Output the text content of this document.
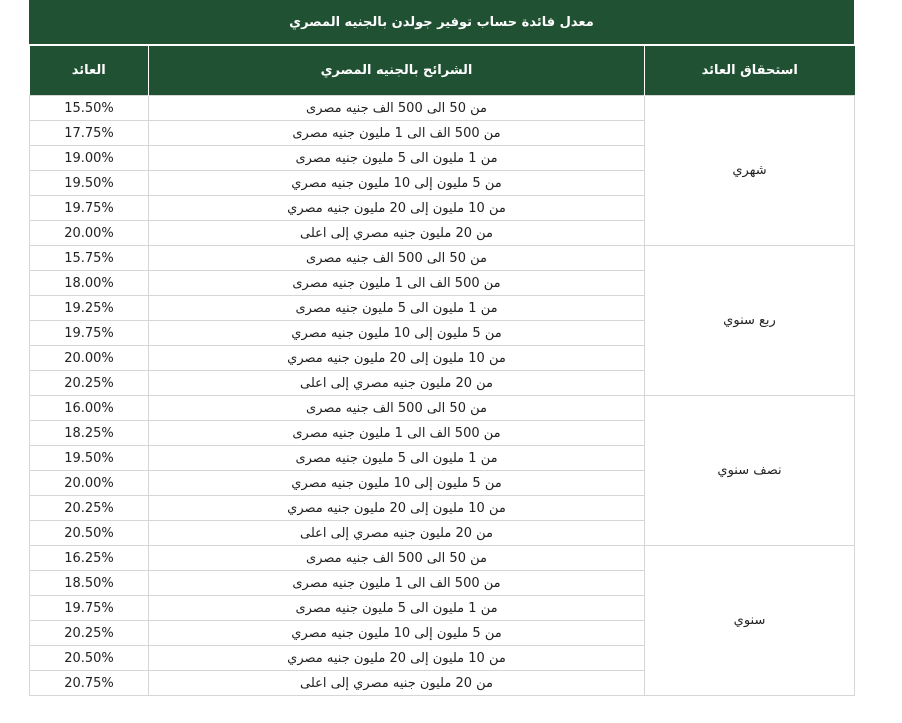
معدل فائدة حساب توفير جولدن بالجنيه المصري
العائد	الشرائح بالجنيه المصري	استحقاق العائد
15.50%	من 50 الى 500 الف جنيه مصرى	شهري
17.75%	من 500 الف الى 1 مليون جنيه مصرى	
19.00%	من 1 مليون الى 5 مليون جنيه مصرى	
19.50%	من 5 مليون إلى 10 مليون جنيه مصري	
19.75%	من 10 مليون إلى 20 مليون جنيه مصري	
20.00%	من 20 مليون جنيه مصري إلى اعلى	
15.75%	من 50 الى 500 الف جنيه مصرى	ربع سنوي
18.00%	من 500 الف الى 1 مليون جنيه مصرى	
19.25%	من 1 مليون الى 5 مليون جنيه مصرى	
19.75%	من 5 مليون إلى 10 مليون جنيه مصري	
20.00%	من 10 مليون إلى 20 مليون جنيه مصري	
20.25%	من 20 مليون جنيه مصري إلى اعلى	
16.00%	من 50 الى 500 الف جنيه مصرى	نصف سنوي
18.25%	من 500 الف الى 1 مليون جنيه مصرى	
19.50%	من 1 مليون الى 5 مليون جنيه مصرى	
20.00%	من 5 مليون إلى 10 مليون جنيه مصري	
20.25%	من 10 مليون إلى 20 مليون جنيه مصري	
20.50%	من 20 مليون جنيه مصري إلى اعلى	
16.25%	من 50 الى 500 الف جنيه مصرى	سنوي
18.50%	من 500 الف الى 1 مليون جنيه مصرى	
19.75%	من 1 مليون الى 5 مليون جنيه مصرى	
20.25%	من 5 مليون إلى 10 مليون جنيه مصري	
20.50%	من 10 مليون إلى 20 مليون جنيه مصري	
20.75%	من 20 مليون جنيه مصري إلى اعلى	
